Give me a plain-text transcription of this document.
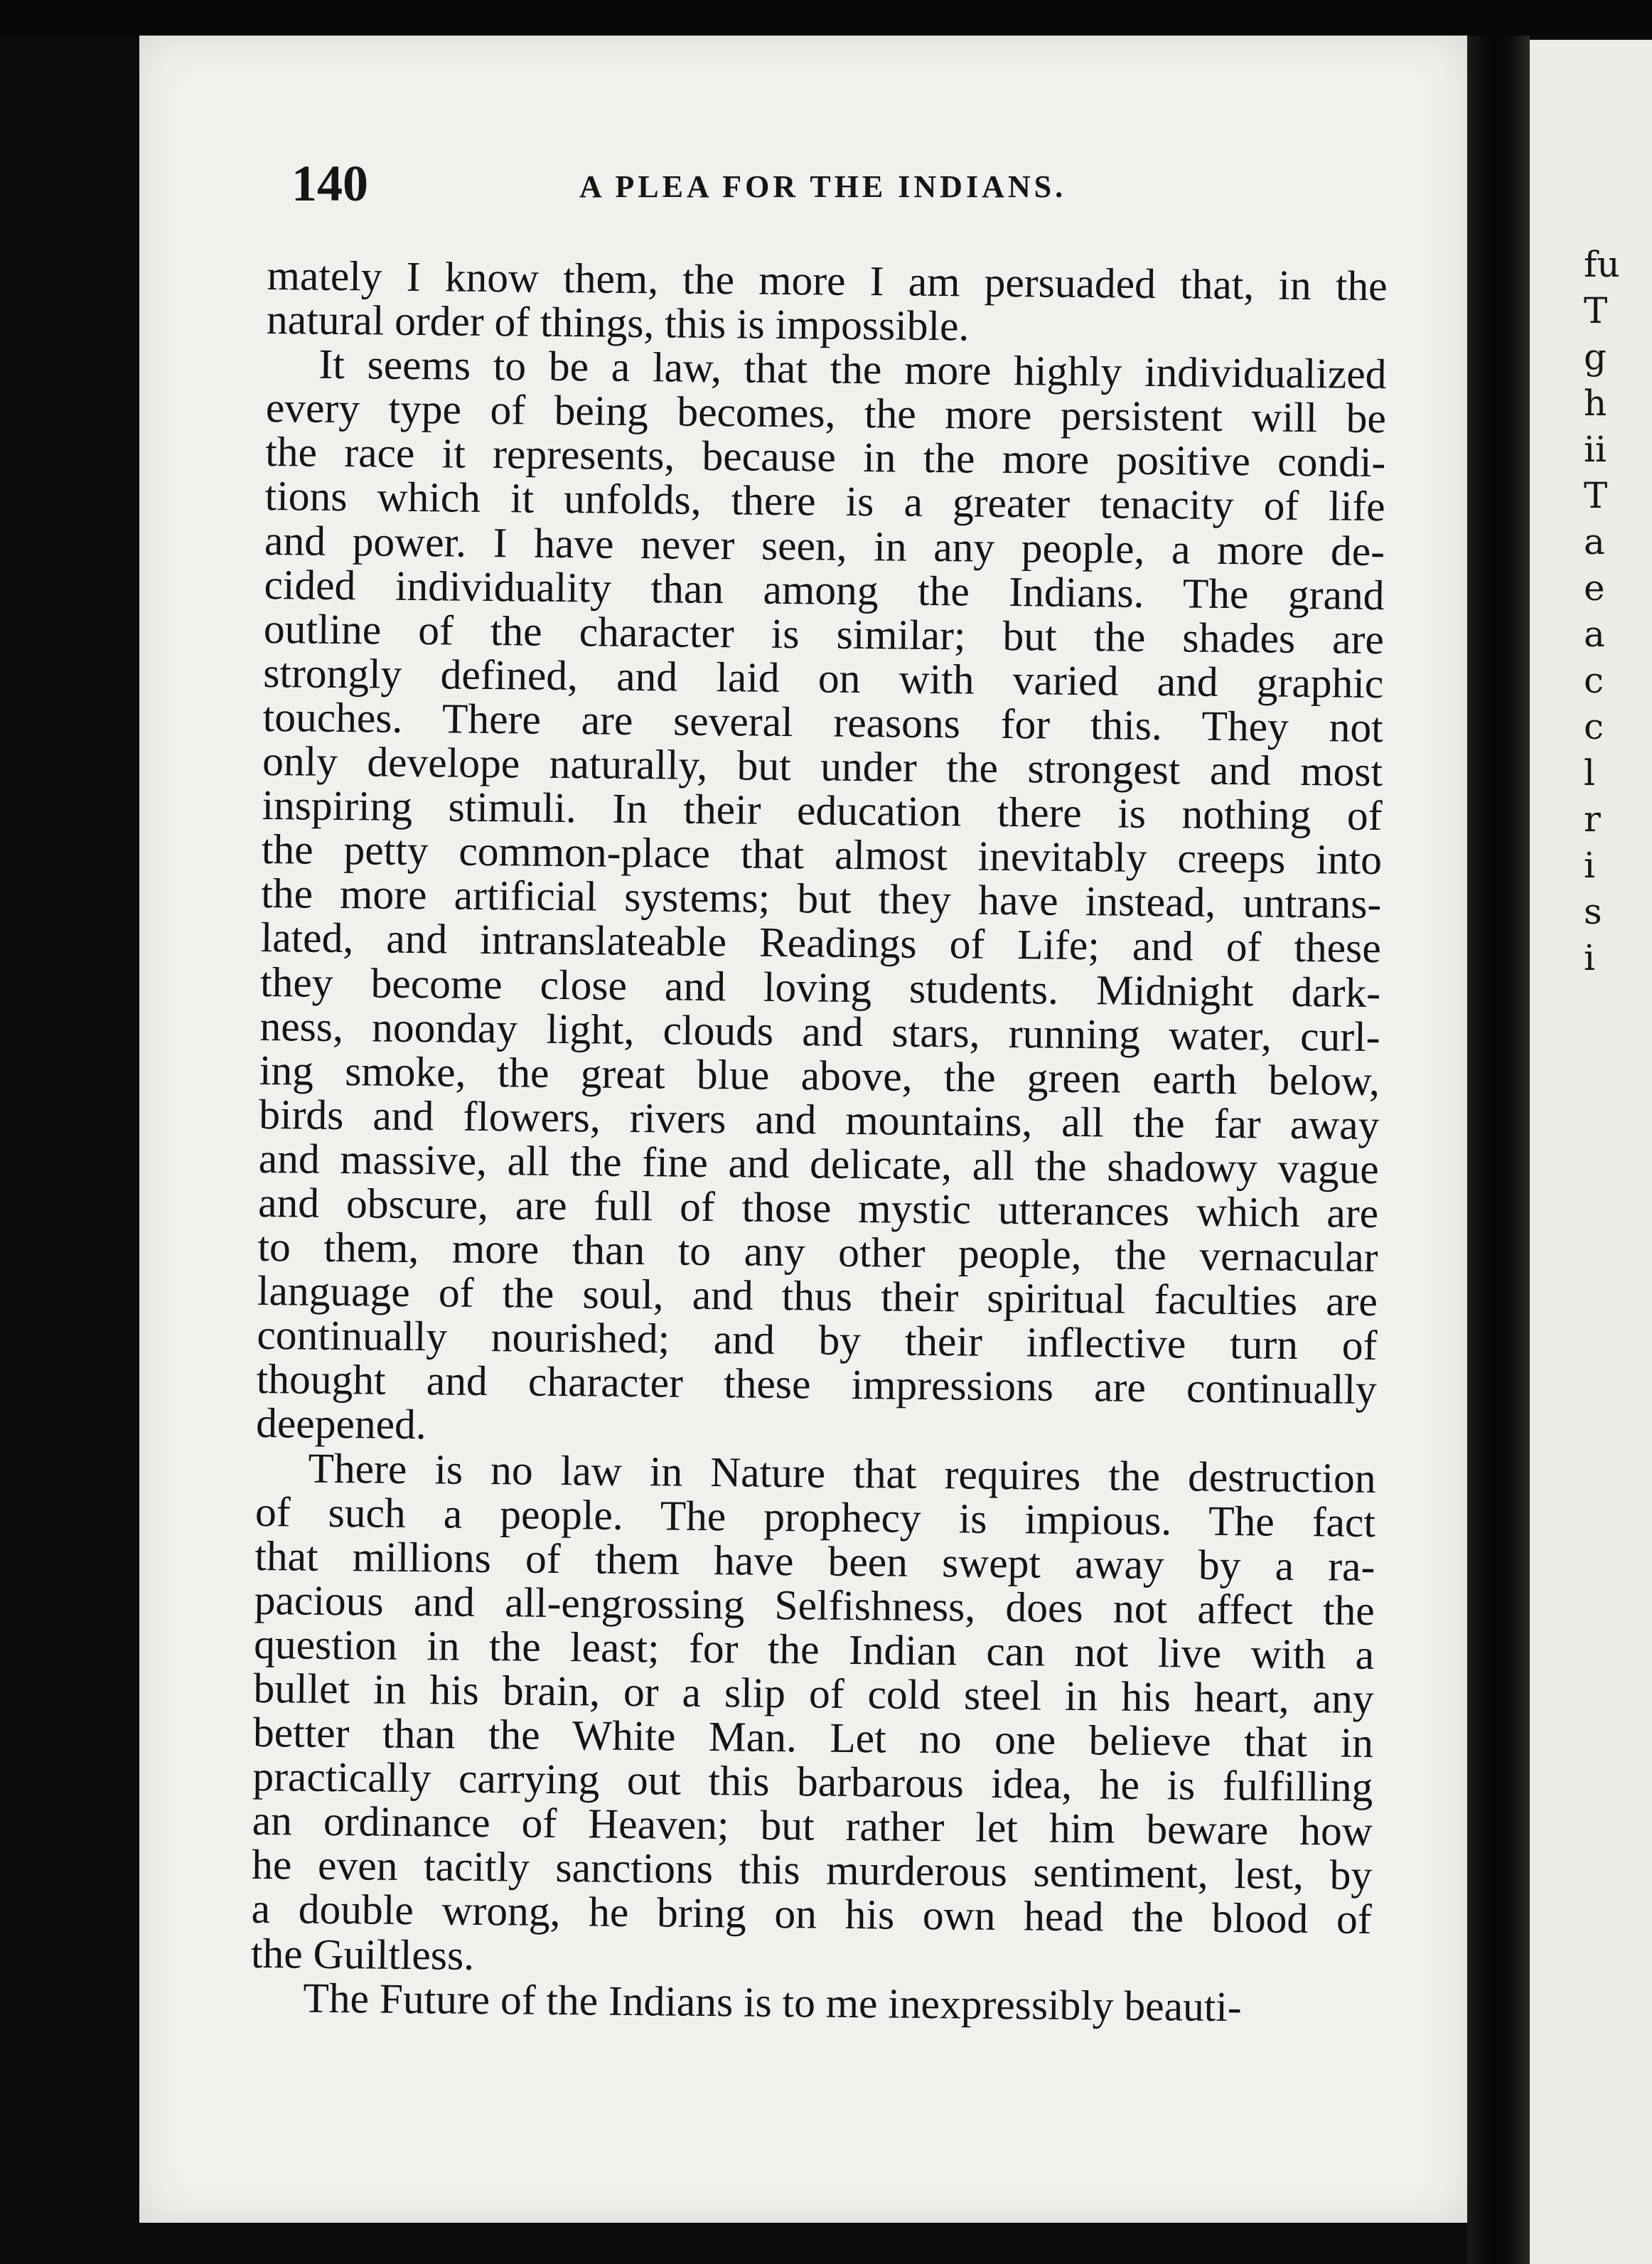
140	A PLEA FOR THE INDIANS.
mately I know them, the more I am persuaded that, in the
natural order of things, this is impossible.
It seems to be a law, that the more highly individualized
every type of being becomes, the more persistent will be
the race it represents, because in the more positive condi-
tions which it unfolds, there is a greater tenacity of life
and power. I have never seen, in any people, a more de-
cided individuality than among the Indians. The grand
outline of the character is similar; but the shades are
strongly defined, and laid on with varied and graphic
touches. There are several reasons for this. They not
only develope naturally, but under the strongest and most
inspiring stimuli. In their education there is nothing of
the petty common-place that almost inevitably creeps into
the more artificial systems; but they have instead, untrans-
lated, and intranslateable Readings of Life; and of these
they become close and loving students. Midnight dark-
ness, noonday light, clouds and stars, running water, curl-
ing smoke, the great blue above, the green earth below,
birds and flowers, rivers and mountains, all the far away
and massive, all the fine and delicate, all the shadowy vague
and obscure, are full of those mystic utterances which are
to them, more than to any other people, the vernacular
language of the soul, and thus their spiritual faculties are
continually nourished; and by their inflective turn of
thought and character these impressions are continually
deepened.
There is no law in Nature that requires the destruction
of such a people. The prophecy is impious. The fact
that millions of them have been swept away by a ra-
pacious and all-engrossing Selfishness, does not affect the
question in the least; for the Indian can not live with a
bullet in his brain, or a slip of cold steel in his heart, any
better than the White Man. Let no one believe that in
practically carrying out this barbarous idea, he is fulfilling
an ordinance of Heaven; but rather let him beware how
he even tacitly sanctions this murderous sentiment, lest, by
a double wrong, he bring on his own head the blood of
the Guiltless.
The Future of the Indians is to me inexpressibly beauti-
fu
T
g
h
ii
T
a
e
a
c
c
l
r
i
s
i
